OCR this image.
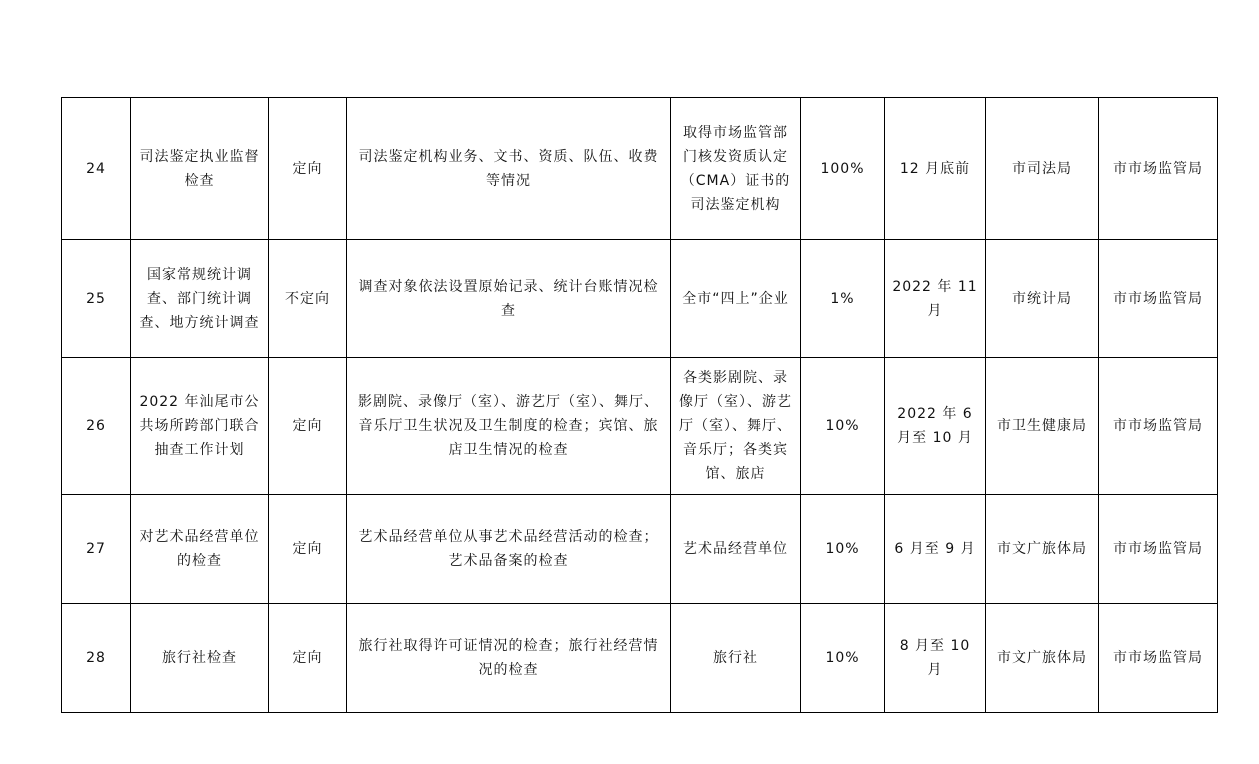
24	司法鉴定执业监督检查	定向	司法鉴定机构业务、文书、资质、队伍、收费等情况	取得市场监管部门核发资质认定（CMA）证书的司法鉴定机构	100%	12 月底前	市司法局	市市场监管局
25	国家常规统计调查、部门统计调查、地方统计调查	不定向	调查对象依法设置原始记录、统计台账情况检查	全市“四上”企业	1%	2022 年 11 月	市统计局	市市场监管局
26	2022 年汕尾市公共场所跨部门联合抽查工作计划	定向	影剧院、录像厅（室）、游艺厅（室）、舞厅、音乐厅卫生状况及卫生制度的检查；宾馆、旅店卫生情况的检查	各类影剧院、录像厅（室）、游艺厅（室）、舞厅、音乐厅；各类宾馆、旅店	10%	2022 年 6 月至 10 月	市卫生健康局	市市场监管局
27	对艺术品经营单位的检查	定向	艺术品经营单位从事艺术品经营活动的检查；艺术品备案的检查	艺术品经营单位	10%	6 月至 9 月	市文广旅体局	市市场监管局
28	旅行社检查	定向	旅行社取得许可证情况的检查；旅行社经营情况的检查	旅行社	10%	8 月至 10 月	市文广旅体局	市市场监管局
